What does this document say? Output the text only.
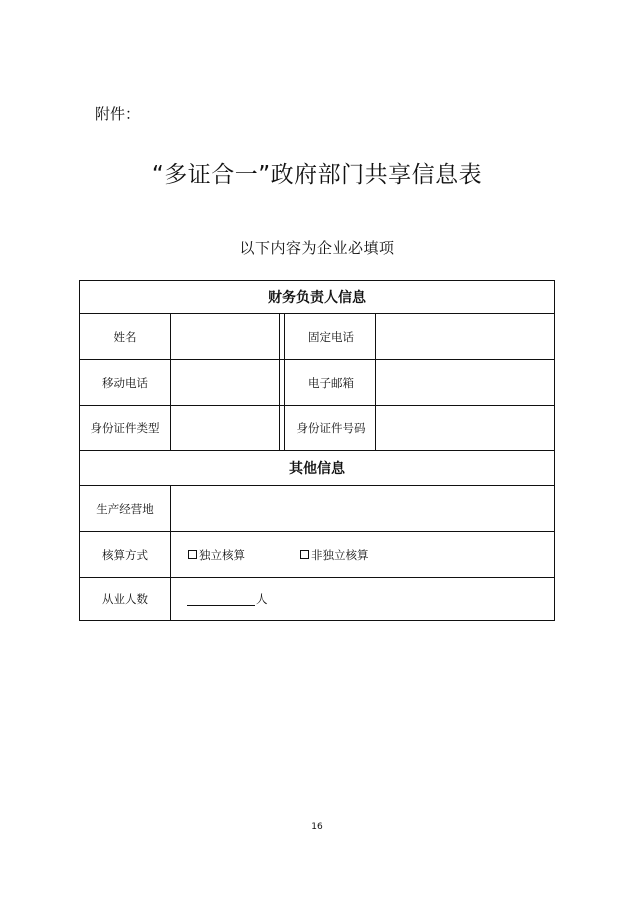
附件：
“多证合一”政府部门共享信息表
以下内容为企业必填项
财务负责人信息
姓名	固定电话
移动电话	电子邮箱
身份证件类型	身份证件号码
其他信息
生产经营地
核算方式	独立核算	非独立核算
从业人数	人
16
